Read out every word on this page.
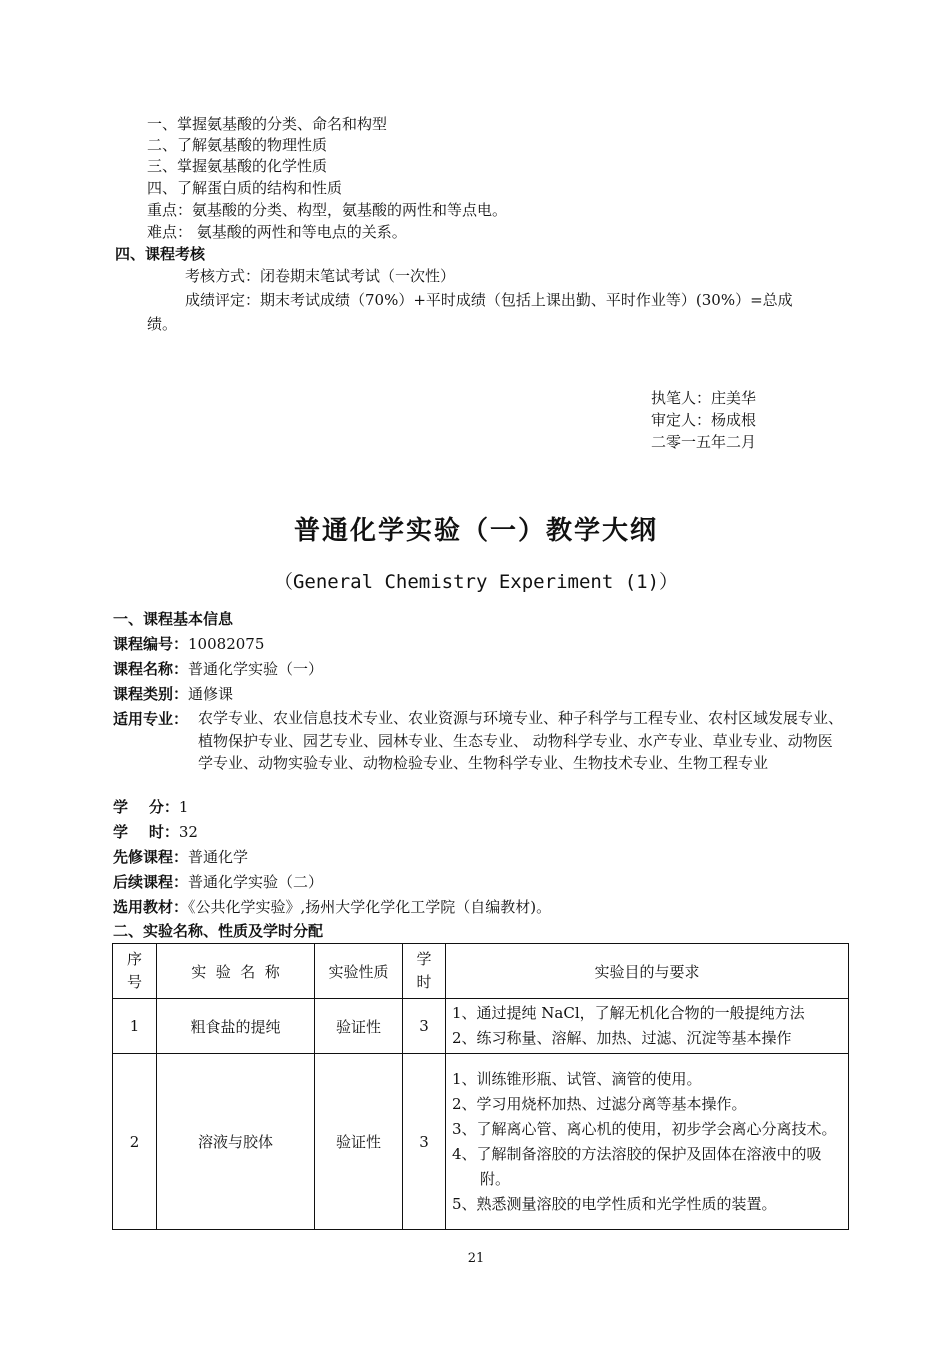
一、掌握氨基酸的分类、命名和构型
二、了解氨基酸的物理性质
三、掌握氨基酸的化学性质
四、了解蛋白质的结构和性质
重点：氨基酸的分类、构型，氨基酸的两性和等点电。
难点： 氨基酸的两性和等电点的关系。
四、课程考核
考核方式：闭卷期末笔试考试（一次性）
成绩评定：期末考试成绩（70%）+平时成绩（包括上课出勤、平时作业等）(30%）=总成
绩。
执笔人：庄美华
审定人：杨成根
二零一五年二月
普通化学实验（一）教学大纲
（General Chemistry Experiment (1)）
一、课程基本信息
课程编号：10082075
课程名称：普通化学实验（一）
课程类别：通修课
适用专业： 农学专业、农业信息技术专业、农业资源与环境专业、种子科学与工程专业、农村区域发展专业、植物保护专业、园艺专业、园林专业、生态专业、 动物科学专业、水产专业、草业专业、动物医学专业、动物实验专业、动物检验专业、生物科学专业、生物技术专业、生物工程专业
学    分：1
学    时：32
先修课程：普通化学
后续课程：普通化学实验（二）
选用教材：《公共化学实验》,扬州大学化学化工学院（自编教材)。
二、实验名称、性质及学时分配
序号	实  验  名  称	实验性质	学时	实验目的与要求
1	粗食盐的提纯	验证性	3	1、通过提纯 NaCl，了解无机化合物的一般提纯方法
2、练习称量、溶解、加热、过滤、沉淀等基本操作

2	溶液与胶体	验证性	3	1、训练锥形瓶、试管、滴管的使用。
2、学习用烧杯加热、过滤分离等基本操作。
3、了解离心管、离心机的使用，初步学会离心分离技术。
4、了解制备溶胶的方法溶胶的保护及固体在溶液中的吸附。
5、熟悉测量溶胶的电学性质和光学性质的装置。
21
